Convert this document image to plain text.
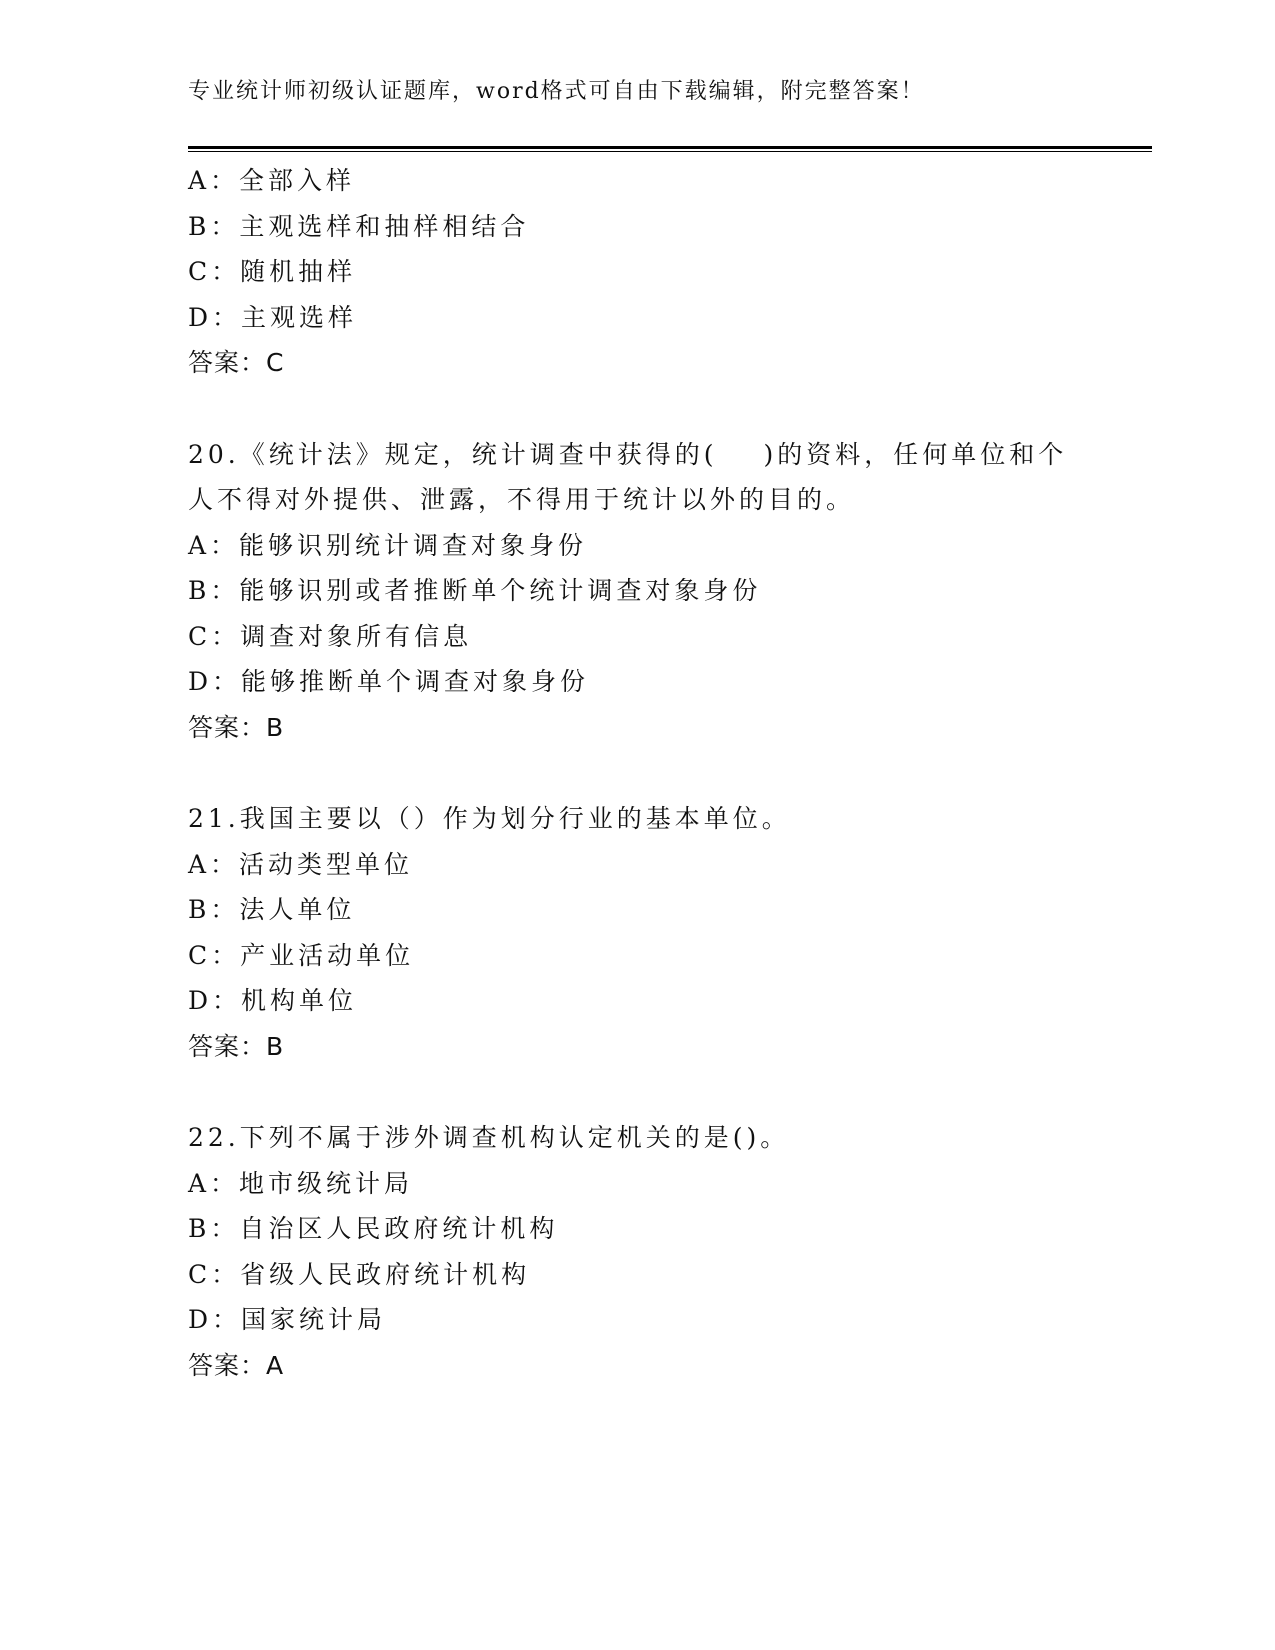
专业统计师初级认证题库，word格式可自由下载编辑，附完整答案！
A：全部入样
B：主观选样和抽样相结合
C：随机抽样
D：主观选样
答案：C
20.《统计法》规定，统计调查中获得的( )的资料，任何单位和个
人不得对外提供、泄露，不得用于统计以外的目的。
A：能够识别统计调查对象身份
B：能够识别或者推断单个统计调查对象身份
C：调查对象所有信息
D：能够推断单个调查对象身份
答案：B
21.我国主要以（）作为划分行业的基本单位。
A：活动类型单位
B：法人单位
C：产业活动单位
D：机构单位
答案：B
22.下列不属于涉外调查机构认定机关的是()。
A：地市级统计局
B：自治区人民政府统计机构
C：省级人民政府统计机构
D：国家统计局
答案：A
